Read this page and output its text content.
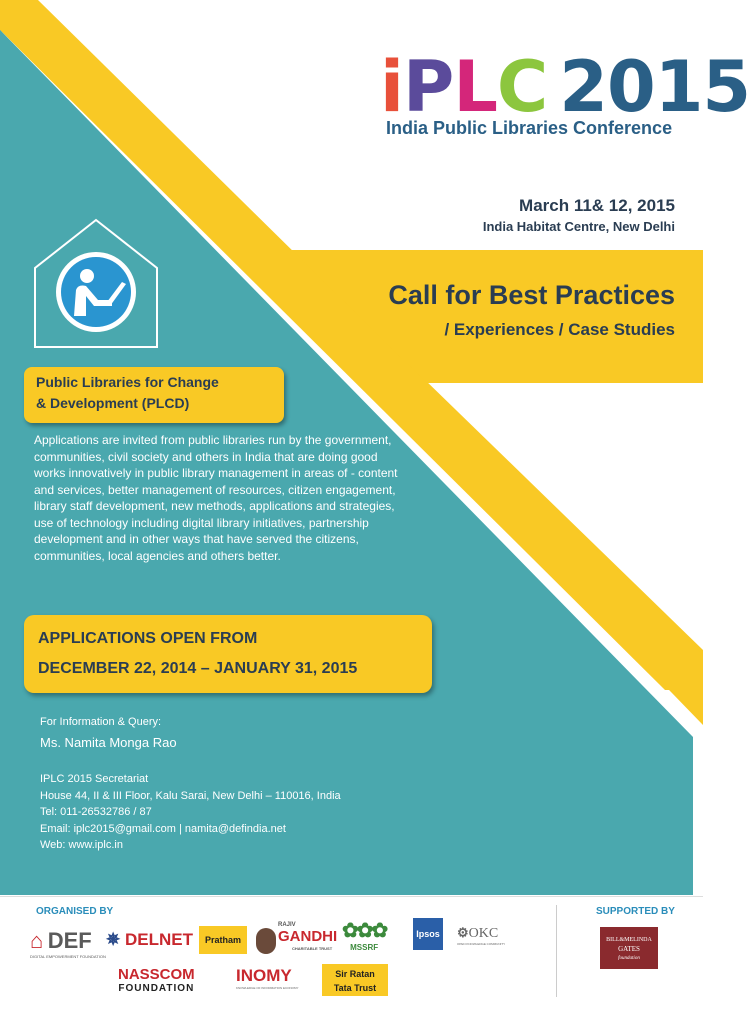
iPLC 2015
India Public Libraries Conference
March 11& 12, 2015
India Habitat Centre, New Delhi
Call for Best Practices
/ Experiences / Case Studies
Public Libraries for Change
& Development (PLCD)
Applications are invited from public libraries run by the government, communities, civil society and others in India that are doing good works innovatively in public library management in areas of - content and services, better management of resources, citizen engagement, library staff development, new methods, applications and strategies, use of technology including digital library initiatives, partnership development and in other ways that have served the citizens, communities, local agencies and others better.
APPLICATIONS OPEN FROM
DECEMBER 22, 2014 – JANUARY 31, 2015
For Information & Query:
Ms. Namita Monga Rao
IPLC 2015 Secretariat
House 44, II & III Floor, Kalu Sarai, New Delhi – 110016, India
Tel: 011-26532786 / 87
Email: iplc2015@gmail.com | namita@defindia.net
Web: www.iplc.in
ORGANISED BY	SUPPORTED BY
⌂ DEF
DIGITAL EMPOWERMENT FOUNDATION
✵ DELNET	Pratham
RAJIV
GANDHI
CHARITABLE TRUST
✿✿✿
MSSRF
Ipsos ⚙OKC
OPEN KNOWLEDGE COMMUNITY
NASSCOM
FOUNDATION
INOMY
KNOWLEDGE OF INFORMATION ECONOMY
Sir Ratan
Tata Trust
BILL&MELINDA
GATES
foundation
